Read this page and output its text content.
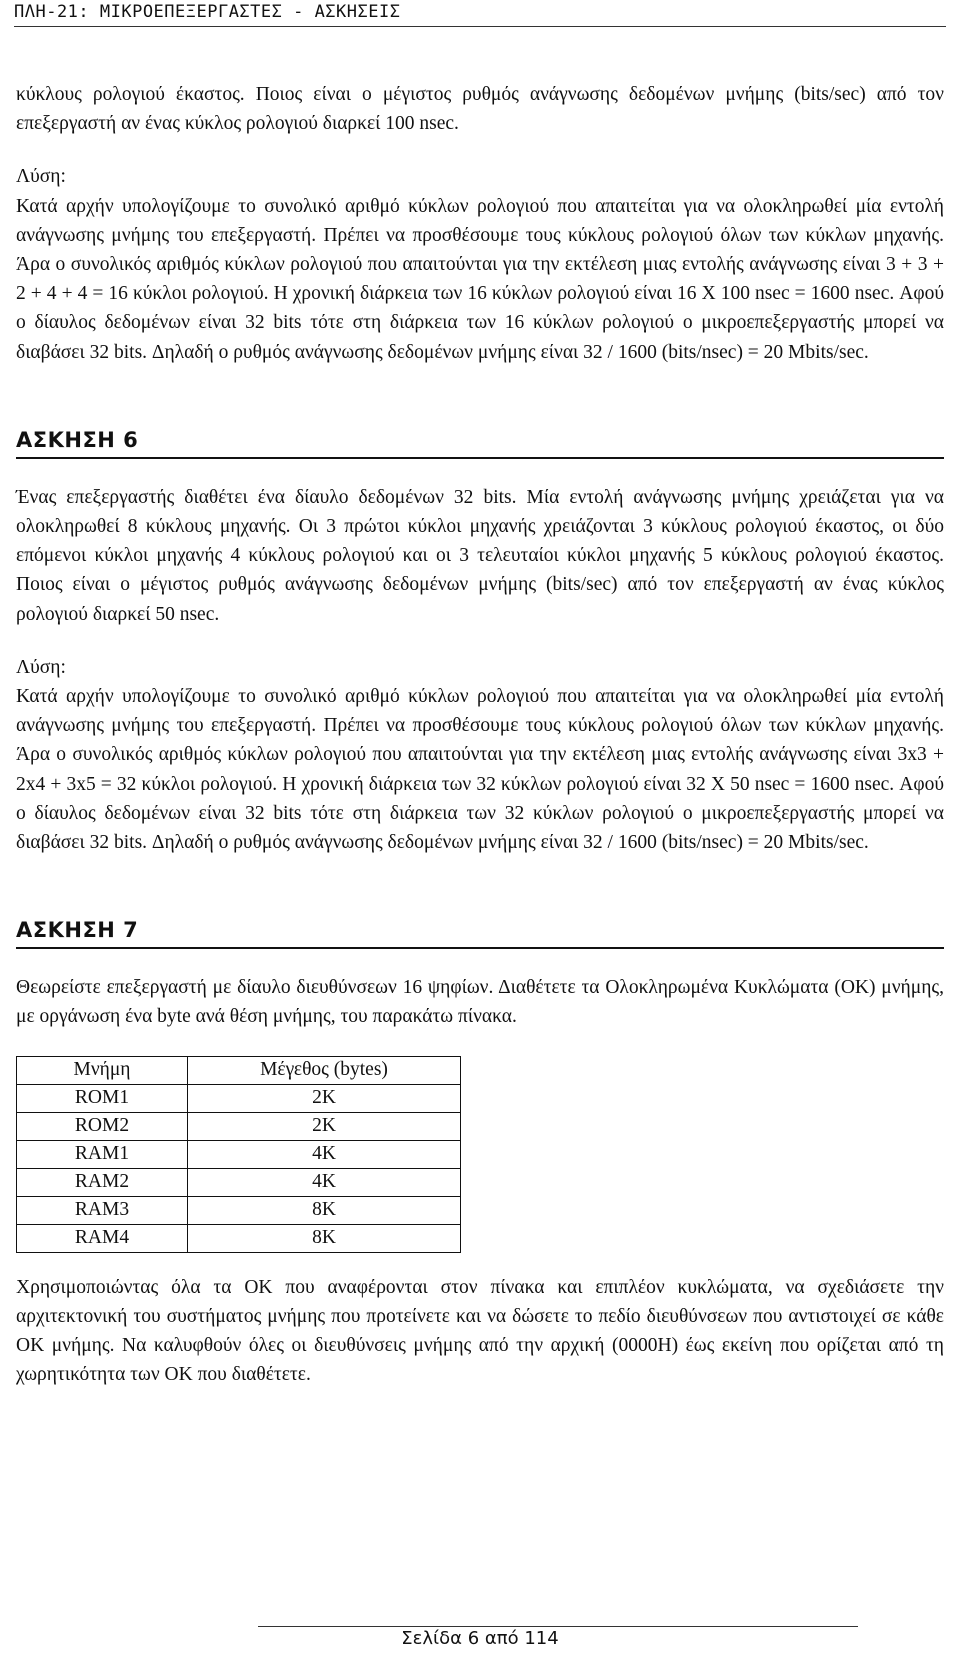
ΠΛΗ-21: ΜΙΚΡΟΕΠΕΞΕΡΓΑΣΤΕΣ - ΑΣΚΗΣΕΙΣ

κύκλους ρολογιού έκαστος. Ποιος είναι ο μέγιστος ρυθμός ανάγνωσης δεδομένων μνήμης (bits/sec) από τον επεξεργαστή αν ένας κύκλος ρολογιού διαρκεί 100 nsec.

Λύση:

Κατά αρχήν υπολογίζουμε το συνολικό αριθμό κύκλων ρολογιού που απαιτείται για να ολοκληρωθεί μία εντολή ανάγνωσης μνήμης του επεξεργαστή. Πρέπει να προσθέσουμε τους κύκλους ρολογιού όλων των κύκλων μηχανής. Άρα ο συνολικός αριθμός κύκλων ρολογιού που απαιτούνται για την εκτέλεση μιας εντολής ανάγνωσης είναι 3 + 3 + 2 + 4 + 4 = 16 κύκλοι ρολογιού. Η χρονική διάρκεια των 16 κύκλων ρολογιού είναι 16 X 100 nsec = 1600 nsec. Αφού ο δίαυλος δεδομένων είναι 32 bits τότε στη διάρκεια των 16 κύκλων ρολογιού ο μικροεπεξεργαστής μπορεί να διαβάσει 32 bits. Δηλαδή ο ρυθμός ανάγνωσης δεδομένων μνήμης είναι 32 / 1600 (bits/nsec) = 20 Mbits/sec.

ΑΣΚΗΣΗ 6

Ένας επεξεργαστής διαθέτει ένα δίαυλο δεδομένων 32 bits. Μία εντολή ανάγνωσης μνήμης χρειάζεται για να ολοκληρωθεί 8 κύκλους μηχανής. Οι 3 πρώτοι κύκλοι μηχανής χρειάζονται 3 κύκλους ρολογιού έκαστος, οι δύο επόμενοι κύκλοι μηχανής 4 κύκλους ρολογιού και οι 3 τελευταίοι κύκλοι μηχανής 5 κύκλους ρολογιού έκαστος. Ποιος είναι ο μέγιστος ρυθμός ανάγνωσης δεδομένων μνήμης (bits/sec) από τον επεξεργαστή αν ένας κύκλος ρολογιού διαρκεί 50 nsec.

Λύση:

Κατά αρχήν υπολογίζουμε το συνολικό αριθμό κύκλων ρολογιού που απαιτείται για να ολοκληρωθεί μία εντολή ανάγνωσης μνήμης του επεξεργαστή. Πρέπει να προσθέσουμε τους κύκλους ρολογιού όλων των κύκλων μηχανής. Άρα ο συνολικός αριθμός κύκλων ρολογιού που απαιτούνται για την εκτέλεση μιας εντολής ανάγνωσης είναι 3x3 + 2x4 + 3x5 = 32 κύκλοι ρολογιού. Η χρονική διάρκεια των 32 κύκλων ρολογιού είναι 32 X 50 nsec = 1600 nsec. Αφού ο δίαυλος δεδομένων είναι 32 bits τότε στη διάρκεια των 32 κύκλων ρολογιού ο μικροεπεξεργαστής μπορεί να διαβάσει 32 bits. Δηλαδή ο ρυθμός ανάγνωσης δεδομένων μνήμης είναι 32 / 1600 (bits/nsec) = 20 Mbits/sec.

ΑΣΚΗΣΗ 7

Θεωρείστε επεξεργαστή με δίαυλο διευθύνσεων 16 ψηφίων. Διαθέτετε τα Ολοκληρωμένα Κυκλώματα (ΟΚ) μνήμης, με οργάνωση ένα byte ανά θέση μνήμης, του παρακάτω πίνακα.

Μνήμη	Μέγεθος (bytes)
ROM1	2K
ROM2	2K
RAM1	4K
RAM2	4K
RAM3	8K
RAM4	8K

Χρησιμοποιώντας όλα τα ΟΚ που αναφέρονται στον πίνακα και επιπλέον κυκλώματα, να σχεδιάσετε την αρχιτεκτονική του συστήματος μνήμης που προτείνετε και να δώσετε το πεδίο διευθύνσεων που αντιστοιχεί σε κάθε ΟΚ μνήμης. Να καλυφθούν όλες οι διευθύνσεις μνήμης από την αρχική (0000H) έως εκείνη που ορίζεται από τη χωρητικότητα των ΟΚ που διαθέτετε.

Σελίδα 6 από 114
